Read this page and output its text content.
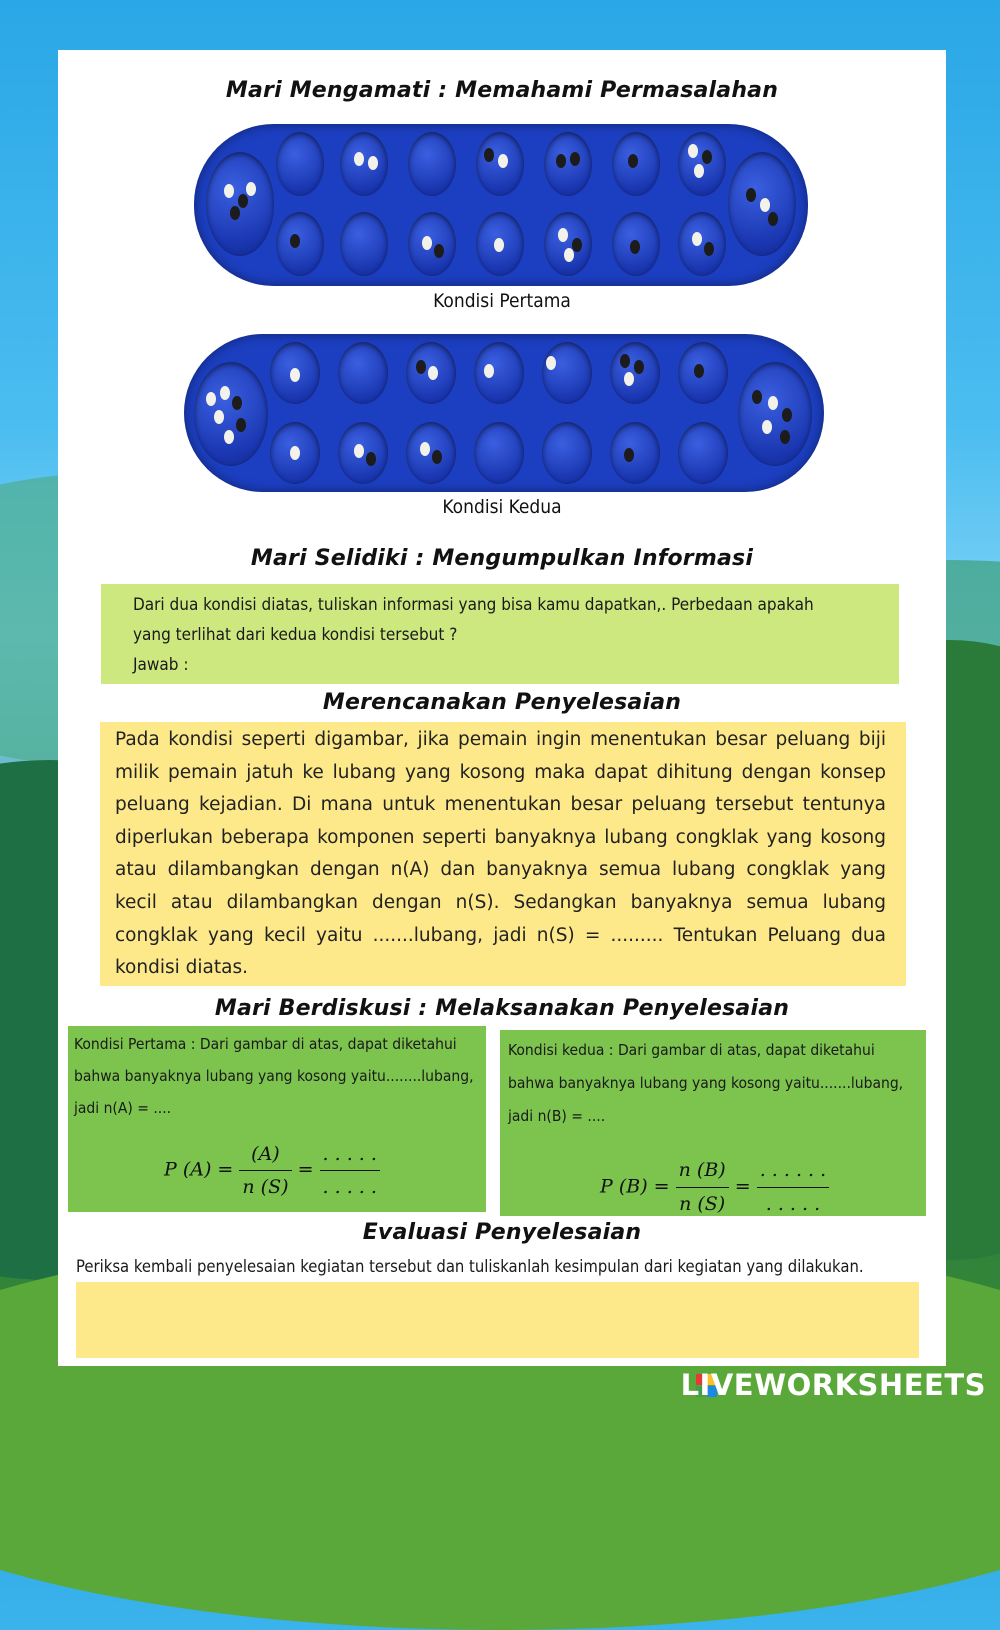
Mari Mengamati : Memahami Permasalahan
Kondisi Pertama
Kondisi Kedua
Mari Selidiki : Mengumpulkan Informasi
Dari dua kondisi diatas, tuliskan informasi yang bisa kamu dapatkan,. Perbedaan apakah
yang terlihat dari kedua kondisi tersebut ?
Jawab :
Merencanakan Penyelesaian
Pada kondisi seperti digambar, jika pemain ingin menentukan besar peluang biji milik pemain jatuh ke lubang yang kosong maka dapat dihitung dengan konsep peluang kejadian. Di mana untuk menentukan besar peluang tersebut tentunya diperlukan beberapa komponen seperti banyaknya lubang congklak yang kosong atau dilambangkan dengan n(A) dan banyaknya semua lubang congklak yang kecil atau dilambangkan dengan n(S). Sedangkan banyaknya semua lubang congklak yang kecil yaitu .......lubang, jadi n(S) = ......... Tentukan Peluang dua kondisi diatas.
Mari Berdiskusi : Melaksanakan Penyelesaian
Kondisi Pertama : Dari gambar di atas, dapat diketahui
bahwa banyaknya lubang yang kosong yaitu........lubang,
jadi n(A) = ....
P $(A) = \frac{(A)}{n (S)} = \frac{. . . . .}{. . . . .}$
Kondisi kedua : Dari gambar di atas, dapat diketahui
bahwa banyaknya lubang yang kosong yaitu.......lubang,
jadi n(B) = ....
P $(B) = \frac{n (B)}{n (S)} = \frac{. . . . . .}{. . . . .}$
Evaluasi Penyelesaian
Periksa kembali penyelesaian kegiatan tersebut dan tuliskanlah kesimpulan dari kegiatan yang dilakukan.
LIVEWORKSHEETS
